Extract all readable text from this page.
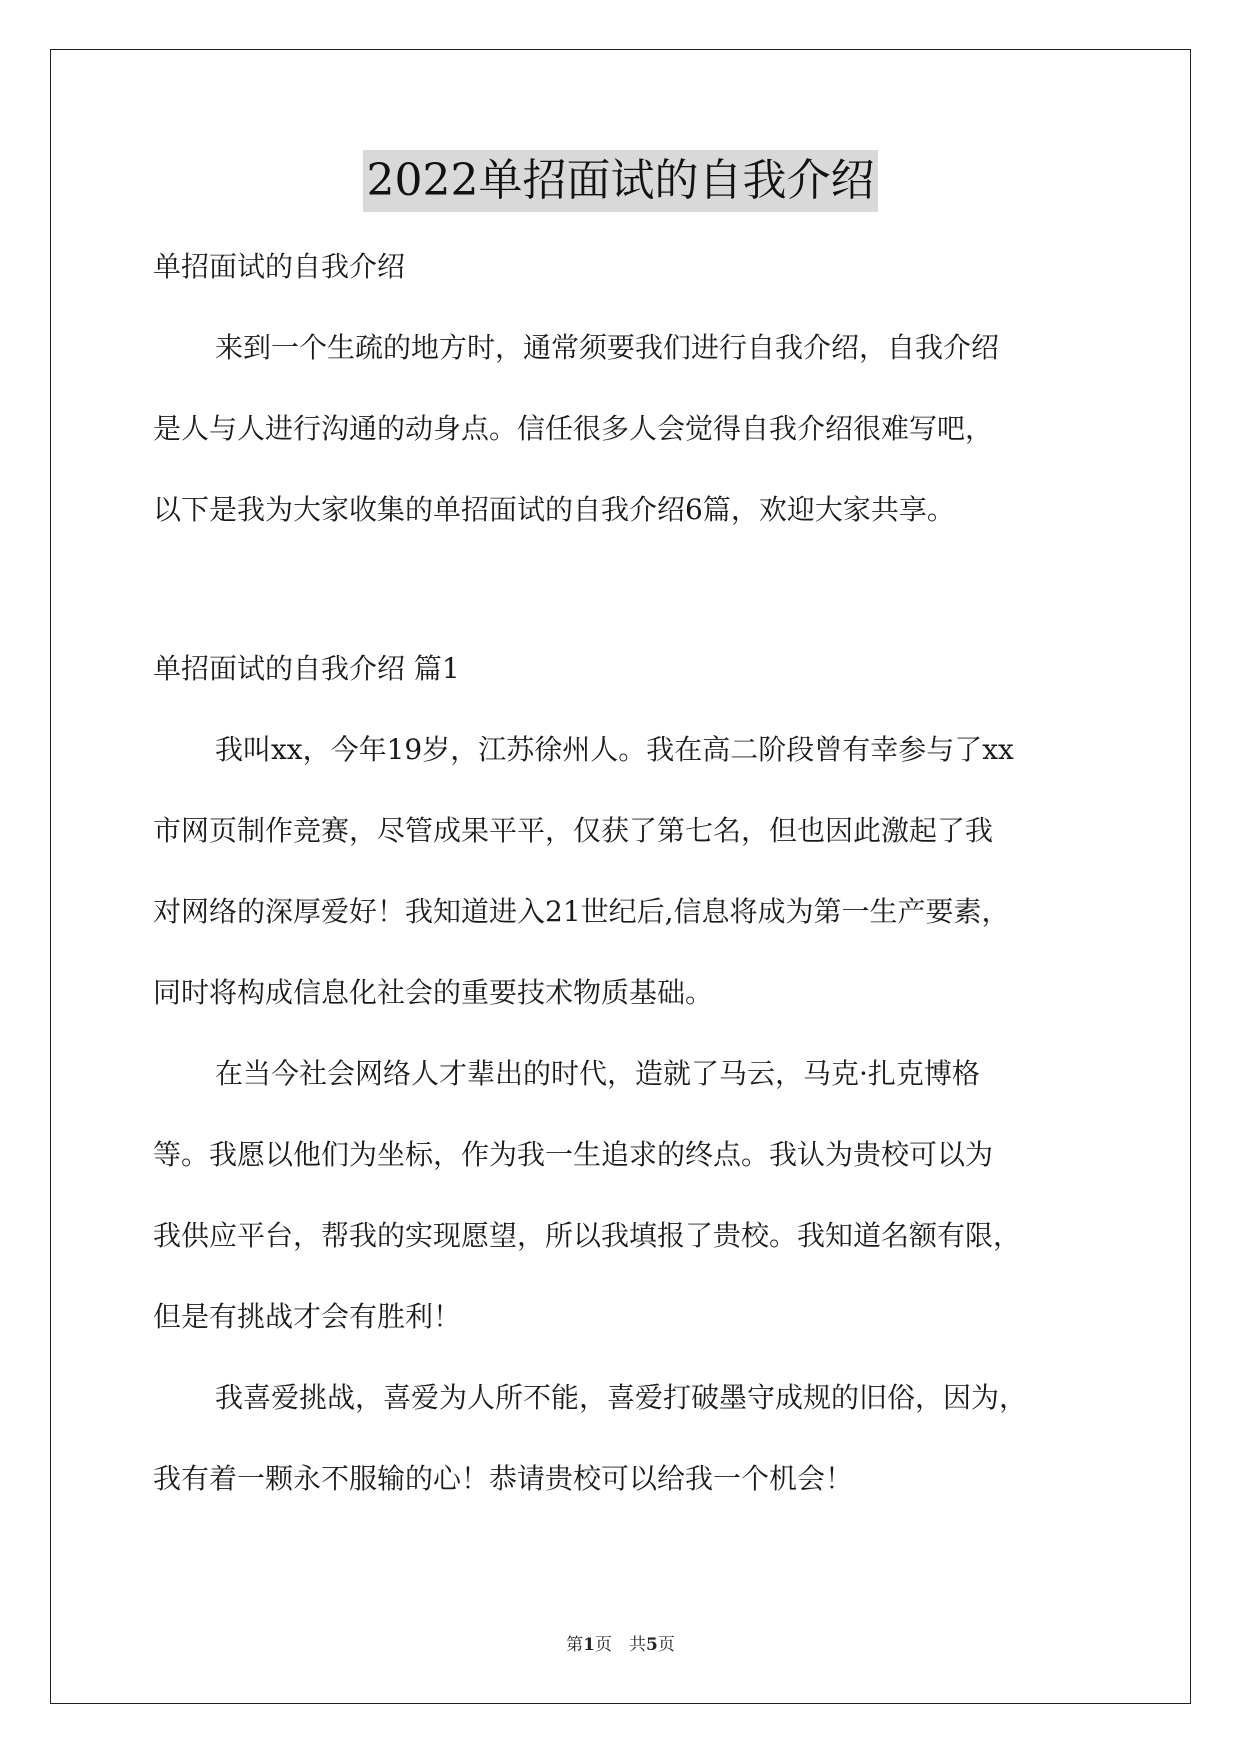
2022单招面试的自我介绍
单招面试的自我介绍
来到一个生疏的地方时，通常须要我们进行自我介绍，自我介绍
是人与人进行沟通的动身点。信任很多人会觉得自我介绍很难写吧，
以下是我为大家收集的单招面试的自我介绍6篇，欢迎大家共享。
单招面试的自我介绍 篇1
我叫xx，今年19岁，江苏徐州人。我在高二阶段曾有幸参与了xx
市网页制作竞赛，尽管成果平平，仅获了第七名，但也因此激起了我
对网络的深厚爱好！我知道进入21世纪后,信息将成为第一生产要素，
同时将构成信息化社会的重要技术物质基础。
在当今社会网络人才辈出的时代，造就了马云，马克·扎克博格
等。我愿以他们为坐标，作为我一生追求的终点。我认为贵校可以为
我供应平台，帮我的实现愿望，所以我填报了贵校。我知道名额有限，
但是有挑战才会有胜利！
我喜爱挑战，喜爱为人所不能，喜爱打破墨守成规的旧俗，因为，
我有着一颗永不服输的心！恭请贵校可以给我一个机会！
第1页　共5页
